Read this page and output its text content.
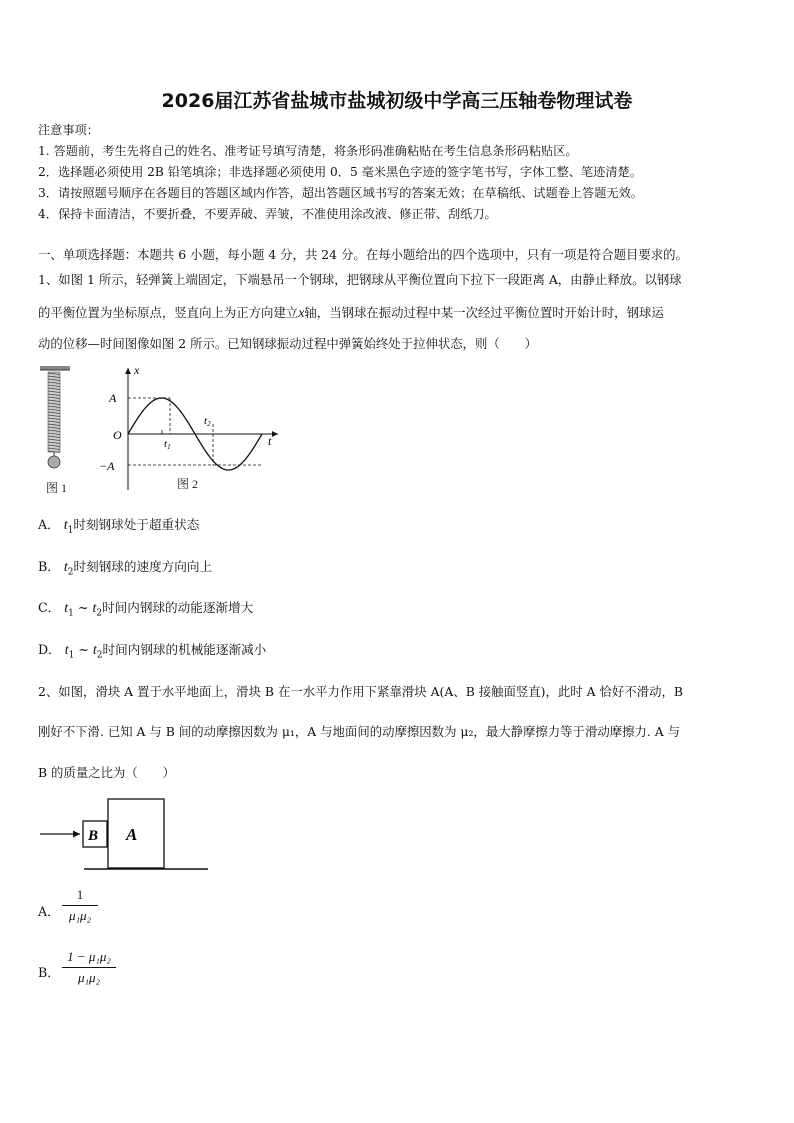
2026届江苏省盐城市盐城初级中学高三压轴卷物理试卷
注意事项：
1. 答题前，考生先将自己的姓名、准考证号填写清楚，将条形码准确粘贴在考生信息条形码粘贴区。
2．选择题必须使用 2B 铅笔填涂；非选择题必须使用 0．5 毫米黑色字迹的签字笔书写，字体工整、笔迹清楚。
3．请按照题号顺序在各题目的答题区域内作答，超出答题区域书写的答案无效；在草稿纸、试题卷上答题无效。
4．保持卡面清洁，不要折叠，不要弄破、弄皱，不准使用涂改液、修正带、刮纸刀。
一、单项选择题：本题共 6 小题，每小题 4 分，共 24 分。在每小题给出的四个选项中，只有一项是符合题目要求的。
1、如图 1 所示，轻弹簧上端固定，下端悬吊一个钢球，把钢球从平衡位置向下拉下一段距离 A，由静止释放。以钢球
的平衡位置为坐标原点，竖直向上为正方向建立x轴，当钢球在振动过程中某一次经过平衡位置时开始计时，钢球运
动的位移—时间图像如图 2 所示。已知钢球振动过程中弹簧始终处于拉伸状态，则（　　）
图 1
x
t
O
A
−A
t1
t2
图 2
A． $t_1$时刻钢球处于超重状态
B． $t_2$时刻钢球的速度方向向上
C． $t_1$ ~ $t_2$时间内钢球的动能逐渐增大
D． $t_1$ ~ $t_2$时间内钢球的机械能逐渐减小
2、如图，滑块 A 置于水平地面上，滑块 B 在一水平力作用下紧靠滑块 A(A、B 接触面竖直)，此时 A 恰好不滑动，B
刚好不下滑. 已知 A 与 B 间的动摩擦因数为 μ₁，A 与地面间的动摩擦因数为 μ₂，最大静摩擦力等于滑动摩擦力. A 与
B 的质量之比为（　　）
B A
A．
1
μ₁μ₂
B．
1 − μ₁μ₂
μ₁μ₂
